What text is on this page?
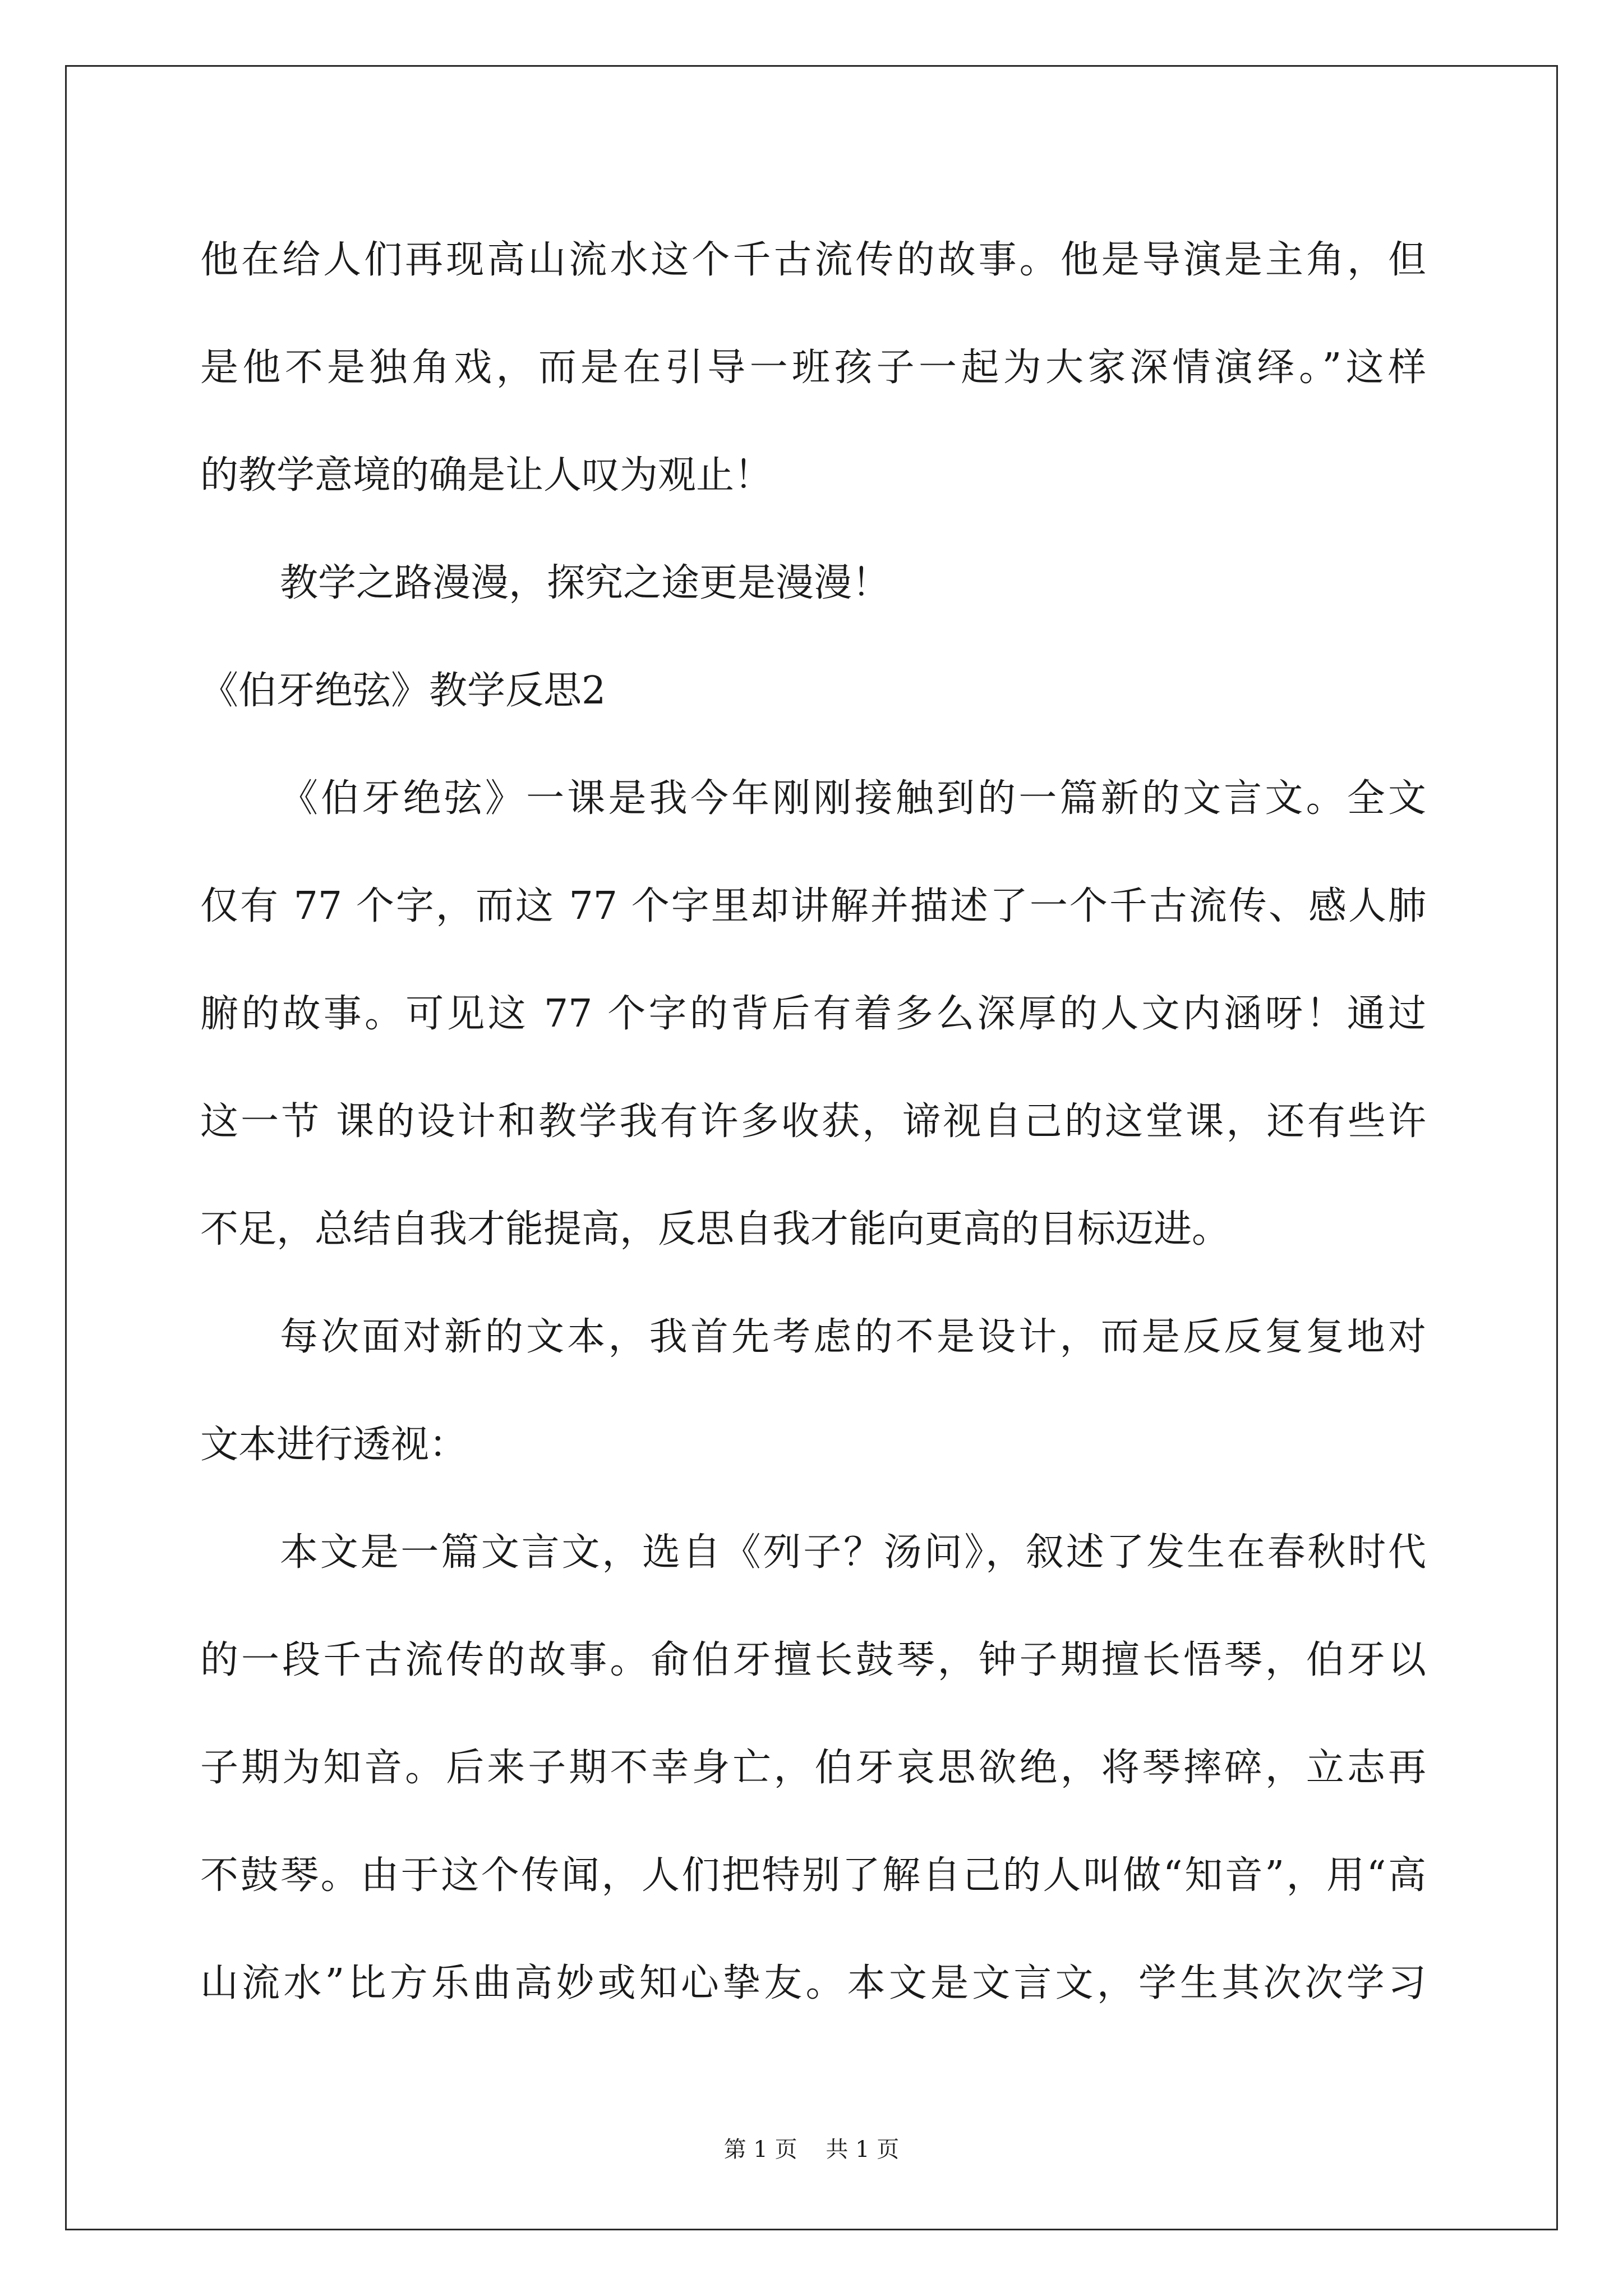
他在给人们再现高山流水这个千古流传的故事。他是导演是主角，但
是他不是独角戏，而是在引导一班孩子一起为大家深情演绎。”这样
的教学意境的确是让人叹为观止！
教学之路漫漫，探究之途更是漫漫！
《伯牙绝弦》教学反思2
《伯牙绝弦》一课是我今年刚刚接触到的一篇新的文言文。全文
仅有 77 个字，而这 77 个字里却讲解并描述了一个千古流传、感人肺
腑的故事。可见这 77 个字的背后有着多么深厚的人文内涵呀！通过
这一节 课的设计和教学我有许多收获，谛视自己的这堂课，还有些许
不足，总结自我才能提高，反思自我才能向更高的目标迈进。
每次面对新的文本，我首先考虑的不是设计，而是反反复复地对
文本进行透视：
本文是一篇文言文，选自《列子？汤问》，叙述了发生在春秋时代
的一段千古流传的故事。俞伯牙擅长鼓琴，钟子期擅长悟琴，伯牙以
子期为知音。后来子期不幸身亡，伯牙哀思欲绝，将琴摔碎，立志再
不鼓琴。由于这个传闻，人们把特别了解自己的人叫做“知音”，用“高
山流水”比方乐曲高妙或知心挚友。本文是文言文，学生其次次学习
第 1 页    共 1 页
